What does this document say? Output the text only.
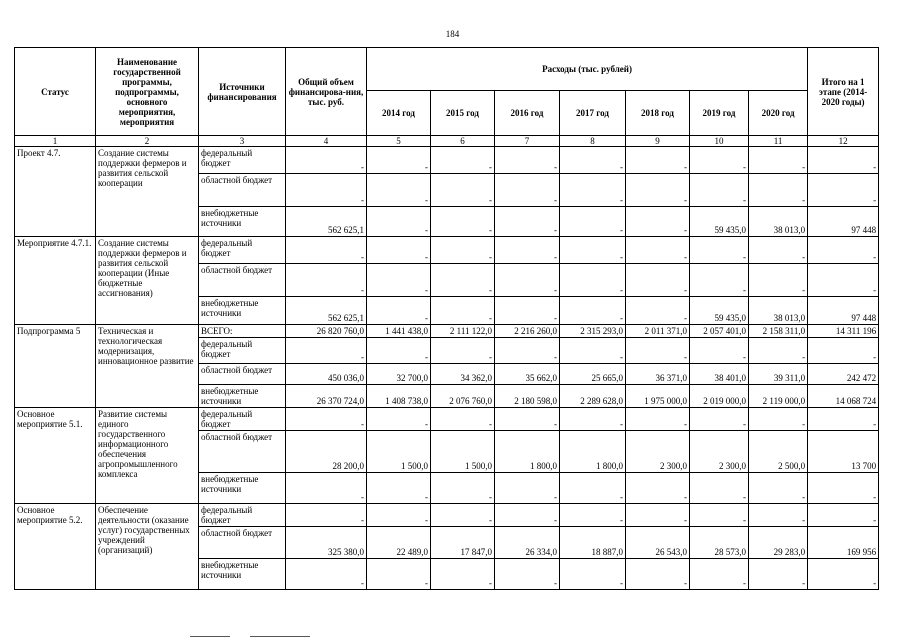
184
Статус	Наименование государственной программы, подпрограммы, основного мероприятия, мероприятия	Источники финансирования	Общий объем финансирова-ния, тыс. руб.	Расходы (тыс. рублей)							Итого на 1 этапе (2014-2020 годы)
				2014 год	2015 год	2016 год	2017 год	2018 год	2019 год	2020 год	
1	2	3	4	5	6	7	8	9	10	11	12
Проект 4.7.	Создание системы поддержки фермеров и развития сельской кооперации	федеральный бюджет	-	-	-	-	-	-	-	-	-
		областной бюджет	-	-	-	-	-	-	-	-	-
		внебюджетные источники	562 625,1	-	-	-	-	-	59 435,0	38 013,0	97 448
Мероприятие 4.7.1.	Создание системы поддержки фермеров и развития сельской кооперации (Иные бюджетные ассигнования)	федеральный бюджет	-	-	-	-	-	-	-	-	-
		областной бюджет	-	-	-	-	-	-	-	-	-
		внебюджетные источники	562 625,1	-	-	-	-	-	59 435,0	38 013,0	97 448
Подпрограмма 5	Техническая и технологическая модернизация, инновационное развитие	ВСЕГО:	26 820 760,0	1 441 438,0	2 111 122,0	2 216 260,0	2 315 293,0	2 011 371,0	2 057 401,0	2 158 311,0	14 311 196
		федеральный бюджет	-	-	-	-	-	-	-	-	-
		областной бюджет	450 036,0	32 700,0	34 362,0	35 662,0	25 665,0	36 371,0	38 401,0	39 311,0	242 472
		внебюджетные источники	26 370 724,0	1 408 738,0	2 076 760,0	2 180 598,0	2 289 628,0	1 975 000,0	2 019 000,0	2 119 000,0	14 068 724
Основное мероприятие 5.1.	Развитие системы единого государственного информационного обеспечения агропромышленного комплекса	федеральный бюджет	-	-	-	-	-	-	-	-	-
		областной бюджет	28 200,0	1 500,0	1 500,0	1 800,0	1 800,0	2 300,0	2 300,0	2 500,0	13 700
		внебюджетные источники	-	-	-	-	-	-	-	-	-
Основное мероприятие 5.2.	Обеспечение деятельности (оказание услуг) государственных учреждений (организаций)	федеральный бюджет	-	-	-	-	-	-	-	-	-
		областной бюджет	325 380,0	22 489,0	17 847,0	26 334,0	18 887,0	26 543,0	28 573,0	29 283,0	169 956
		внебюджетные источники	-	-	-	-	-	-	-	-	-
